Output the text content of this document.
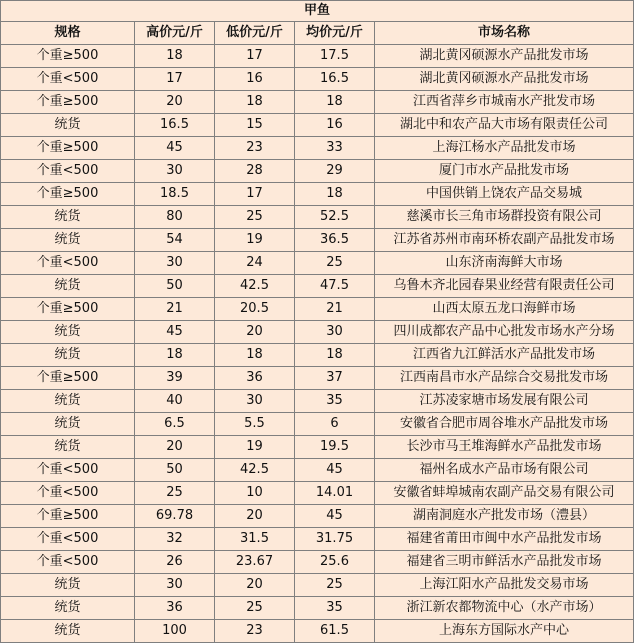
甲鱼				
规格	高价元/斤	低价元/斤	均价元/斤	市场名称
个重≥500	18	17	17.5	湖北黄冈硕源水产品批发市场
个重<500	17	16	16.5	湖北黄冈硕源水产品批发市场
个重≥500	20	18	18	江西省萍乡市城南水产批发市场
统货	16.5	15	16	湖北中和农产品大市场有限责任公司
个重≥500	45	23	33	上海江杨水产品批发市场
个重<500	30	28	29	厦门市水产品批发市场
个重≥500	18.5	17	18	中国供销上饶农产品交易城
统货	80	25	52.5	慈溪市长三角市场群投资有限公司
统货	54	19	36.5	江苏省苏州市南环桥农副产品批发市场
个重<500	30	24	25	山东济南海鲜大市场
统货	50	42.5	47.5	乌鲁木齐北园春果业经营有限责任公司
个重≥500	21	20.5	21	山西太原五龙口海鲜市场
统货	45	20	30	四川成都农产品中心批发市场水产分场
统货	18	18	18	江西省九江鲜活水产品批发市场
个重≥500	39	36	37	江西南昌市水产品综合交易批发市场
统货	40	30	35	江苏凌家塘市场发展有限公司
统货	6.5	5.5	6	安徽省合肥市周谷堆水产品批发市场
统货	20	19	19.5	长沙市马王堆海鲜水产品批发市场
个重<500	50	42.5	45	福州名成水产品市场有限公司
个重<500	25	10	14.01	安徽省蚌埠城南农副产品交易有限公司
个重≥500	69.78	20	45	湖南洞庭水产批发市场（澧县）
个重<500	32	31.5	31.75	福建省莆田市闽中水产品批发市场
个重<500	26	23.67	25.6	福建省三明市鲜活水产品批发市场
统货	30	20	25	上海江阳水产品批发交易市场
统货	36	25	35	浙江新农都物流中心（水产市场）
统货	100	23	61.5	上海东方国际水产中心
